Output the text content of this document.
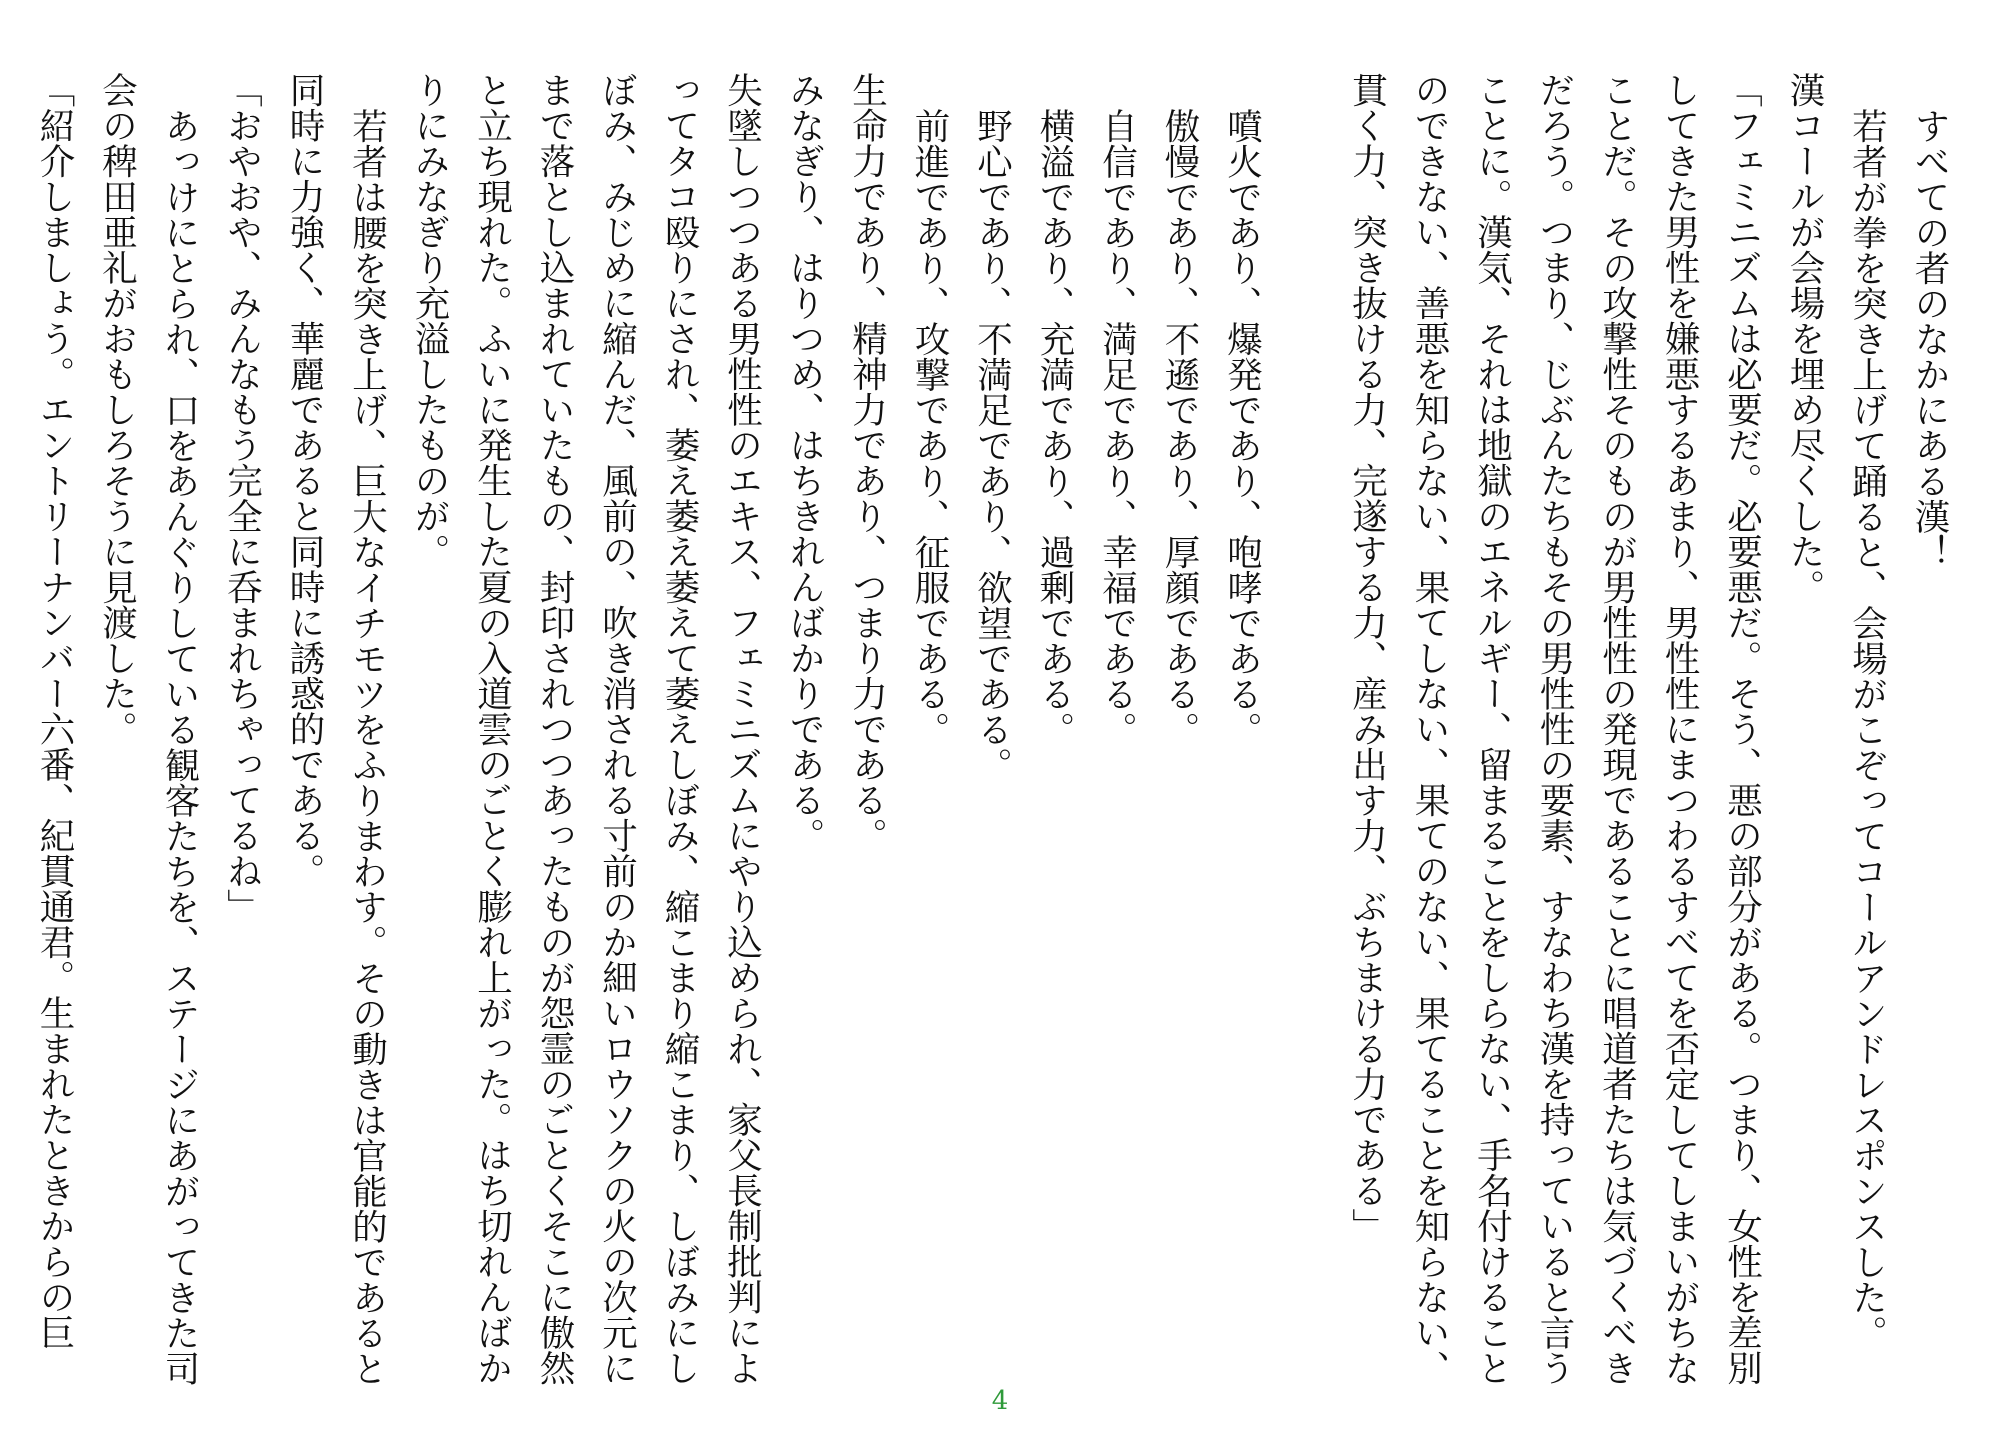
すべての者のなかにある漢！

若者が拳を突き上げて踊ると、会場がこぞってコールアンドレスポンスした。

漢コールが会場を埋め尽くした。

「フェミニズムは必要だ。必要悪だ。そう、悪の部分がある。つまり、女性を差別してきた男性を嫌悪するあまり、男性性にまつわるすべてを否定してしまいがちなことだ。その攻撃性そのものが男性性の発現であることに唱道者たちは気づくべきだろう。つまり、じぶんたちもその男性性の要素、すなわち漢を持っていると言うことに。漢気、それは地獄のエネルギー、留まることをしらない、手名付けることのできない、善悪を知らない、果てしない、果てのない、果てることを知らない、貫く力、突き抜ける力、完遂する力、産み出す力、ぶちまける力である」

噴火であり、爆発であり、咆哮である。

傲慢であり、不遜であり、厚顔である。

自信であり、満足であり、幸福である。

横溢であり、充満であり、過剰である。

野心であり、不満足であり、欲望である。

前進であり、攻撃であり、征服である。

生命力であり、精神力であり、つまり力である。

みなぎり、はりつめ、はちきれんばかりである。

失墜しつつある男性性のエキス、フェミニズムにやり込められ、家父長制批判によってタコ殴りにされ、萎え萎え萎えて萎えしぼみ、縮こまり縮こまり、しぼみにしぼみ、みじめに縮んだ、風前の、吹き消される寸前のか細いロウソクの火の次元にまで落とし込まれていたもの、封印されつつあったものが怨霊のごとくそこに傲然と立ち現れた。ふいに発生した夏の入道雲のごとく膨れ上がった。はち切れんばかりにみなぎり充溢したものが。

若者は腰を突き上げ、巨大なイチモツをふりまわす。その動きは官能的であると同時に力強く、華麗であると同時に誘惑的である。

「おやおや、みんなもう完全に呑まれちゃってるね」

あっけにとられ、口をあんぐりしている観客たちを、ステージにあがってきた司会の稗田亜礼がおもしろそうに見渡した。

「紹介しましょう。エントリーナンバー六番、紀貫通君。生まれたときからの巨

4
